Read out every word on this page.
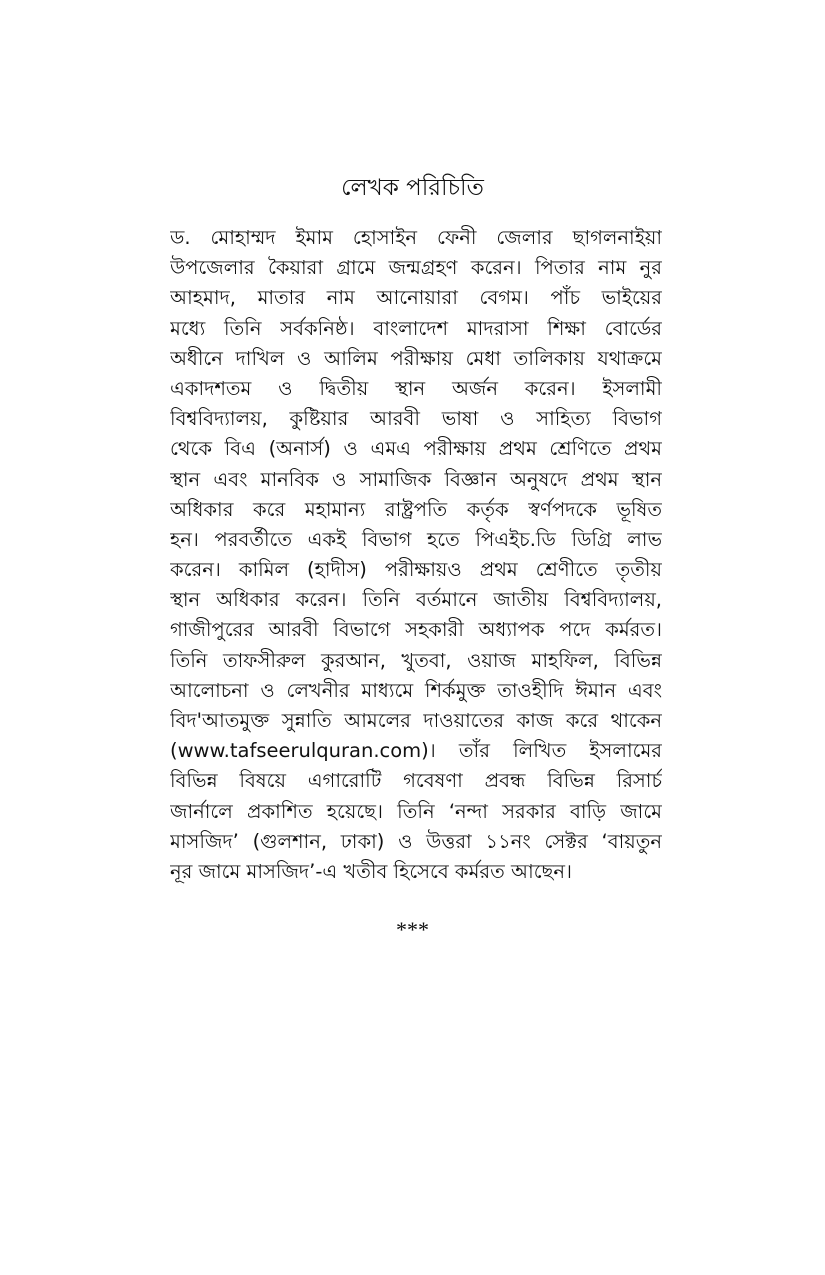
লেখক পরিচিতি
ড. মোহাম্মদ ইমাম হোসাইন ফেনী জেলার ছাগলনাইয়া
উপজেলার কৈয়ারা গ্রামে জন্মগ্রহণ করেন। পিতার নাম নুর
আহমাদ, মাতার নাম আনোয়ারা বেগম। পাঁচ ভাইয়ের
মধ্যে তিনি সর্বকনিষ্ঠ। বাংলাদেশ মাদরাসা শিক্ষা বোর্ডের
অধীনে দাখিল ও আলিম পরীক্ষায় মেধা তালিকায় যথাক্রমে
একাদশতম ও দ্বিতীয় স্থান অর্জন করেন। ইসলামী
বিশ্ববিদ্যালয়, কুষ্টিয়ার আরবী ভাষা ও সাহিত্য বিভাগ
থেকে বিএ (অনার্স) ও এমএ পরীক্ষায় প্রথম শ্রেণিতে প্রথম
স্থান এবং মানবিক ও সামাজিক বিজ্ঞান অনুষদে প্রথম স্থান
অধিকার করে মহামান্য রাষ্ট্রপতি কর্তৃক স্বর্ণপদকে ভূষিত
হন। পরবর্তীতে একই বিভাগ হতে পিএইচ.ডি ডিগ্রি লাভ
করেন। কামিল (হাদীস) পরীক্ষায়ও প্রথম শ্রেণীতে তৃতীয়
স্থান অধিকার করেন। তিনি বর্তমানে জাতীয় বিশ্ববিদ্যালয়,
গাজীপুরের আরবী বিভাগে সহকারী অধ্যাপক পদে কর্মরত।
তিনি তাফসীরুল কুরআন, খুতবা, ওয়াজ মাহফিল, বিভিন্ন
আলোচনা ও লেখনীর মাধ্যমে শির্কমুক্ত তাওহীদি ঈমান এবং
বিদ'আতমুক্ত সুন্নাতি আমলের দাওয়াতের কাজ করে থাকেন
(www.tafseerulquran.com)। তাঁর লিখিত ইসলামের
বিভিন্ন বিষয়ে এগারোটি গবেষণা প্রবন্ধ বিভিন্ন রিসার্চ
জার্নালে প্রকাশিত হয়েছে। তিনি ‘নন্দা সরকার বাড়ি জামে
মাসজিদ’ (গুলশান, ঢাকা) ও উত্তরা ১১নং সেক্টর ‘বায়তুন
নূর জামে মাসজিদ’-এ খতীব হিসেবে কর্মরত আছেন।
***
